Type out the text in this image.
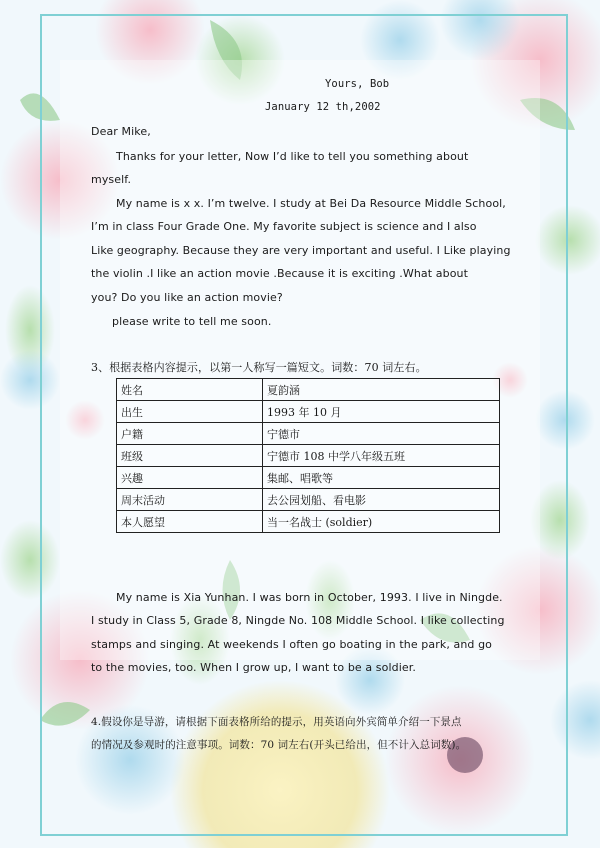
Yours, Bob
January 12 th,2002
Dear Mike,
Thanks for your letter, Now I’d like to tell you something about
myself.
My name is x x. I’m twelve. I study at Bei Da Resource Middle School,
I’m in class Four Grade One. My favorite subject is science and I also
Like geography. Because they are very important and useful. I Like playing
the violin .I like an action movie .Because it is exciting .What about
you? Do you like an action movie?
please write to tell me soon.
3、根据表格内容提示，以第一人称写一篇短文。词数：70 词左右。
姓名	夏韵涵
出生	1993 年 10 月
户籍	宁德市
班级	宁德市 108 中学八年级五班
兴趣	集邮、唱歌等
周末活动	去公园划船、看电影
本人愿望	当一名战士 (soldier)
My name is Xia Yunhan. I was born in October, 1993. I live in Ningde.
I study in Class 5, Grade 8, Ningde No. 108 Middle School. I like collecting
stamps and singing. At weekends I often go boating in the park, and go
to the movies, too. When I grow up, I want to be a soldier.
4.假设你是导游，请根据下面表格所给的提示，用英语向外宾简单介绍一下景点
的情况及参观时的注意事项。词数：70 词左右(开头已给出，但不计入总词数)。
